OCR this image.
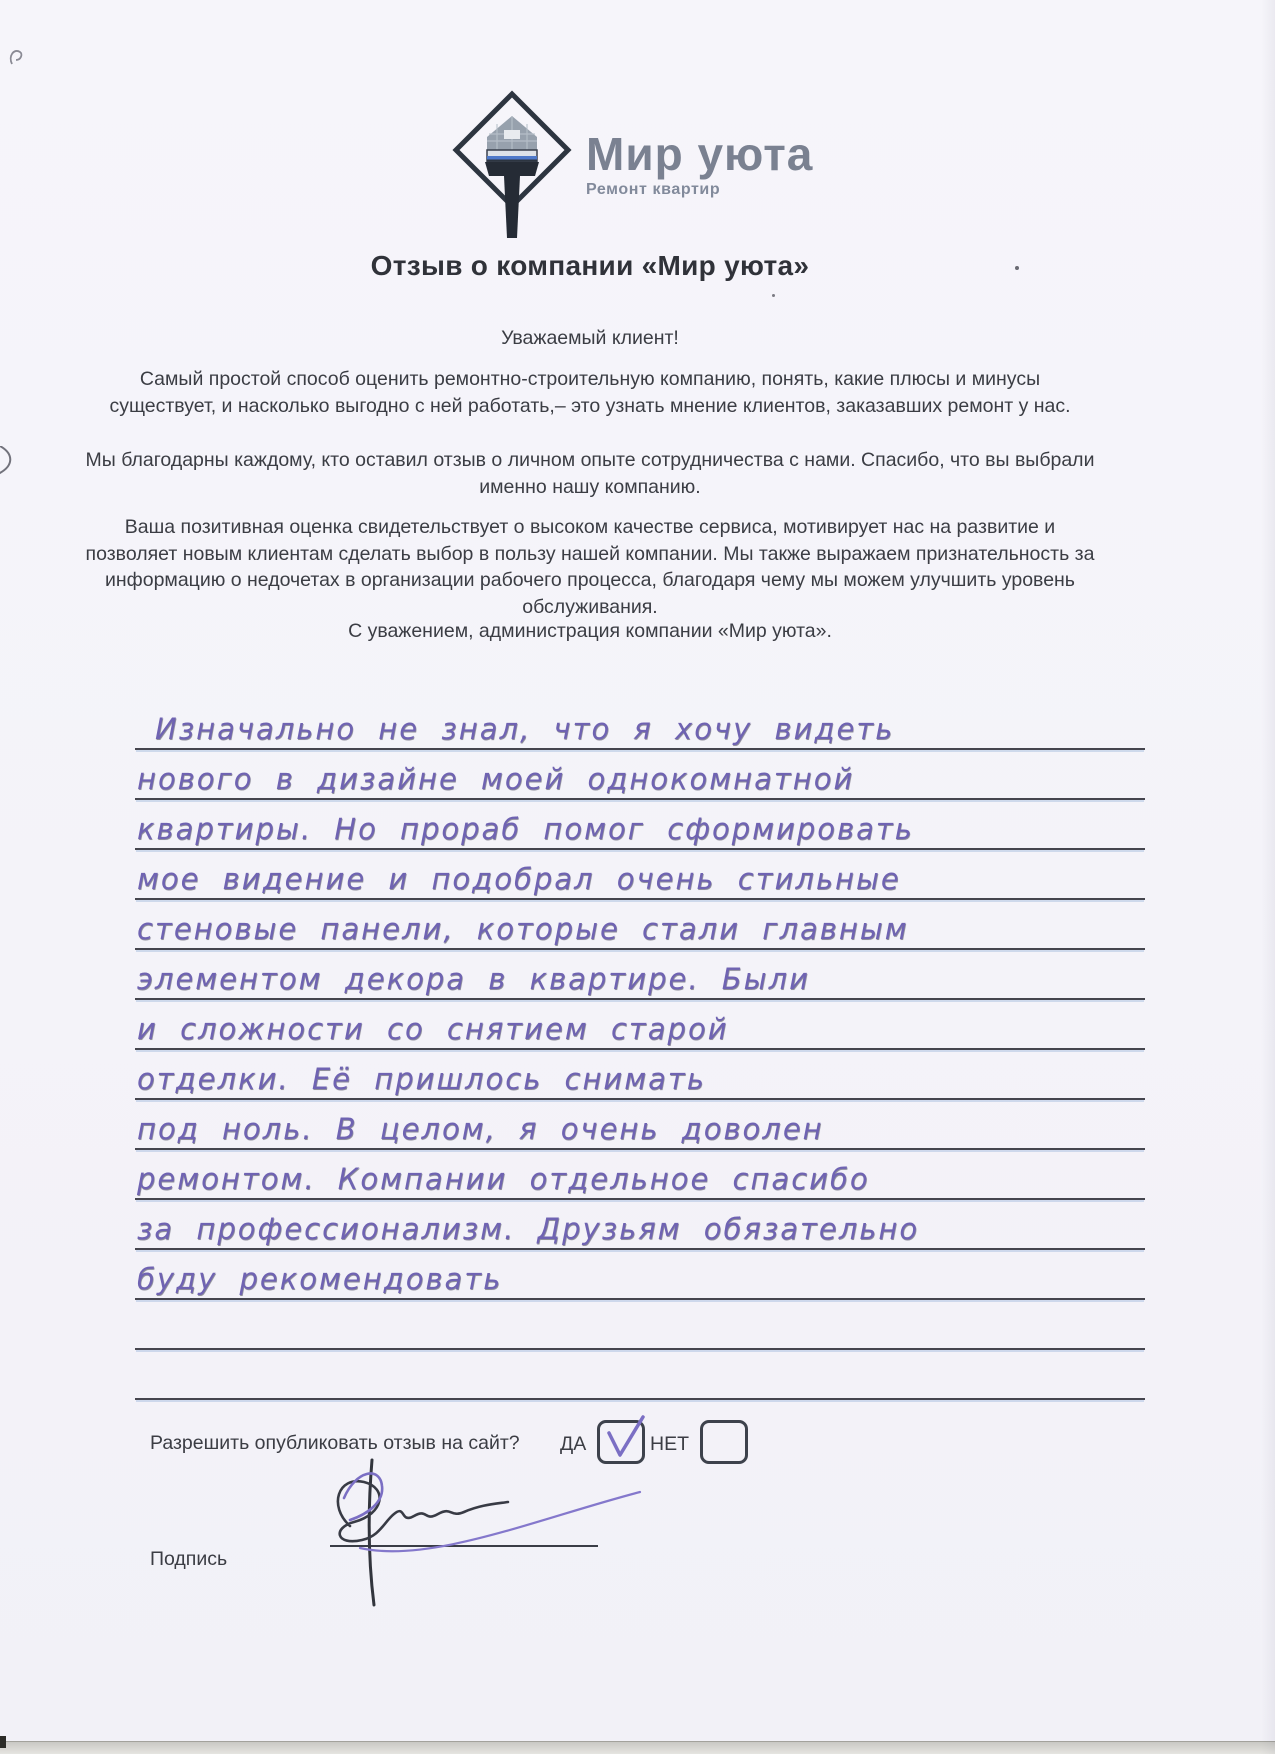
Мир уюта
Ремонт квартир
Отзыв о компании «Мир уюта»
Уважаемый клиент!
Самый простой способ оценить ремонтно-строительную компанию, понять, какие плюсы и минусы существует, и насколько выгодно с ней работать,– это узнать мнение клиентов, заказавших ремонт у нас.
Мы благодарны каждому, кто оставил отзыв о личном опыте сотрудничества с нами. Спасибо, что вы выбрали именно нашу компанию.
Ваша позитивная оценка свидетельствует о высоком качестве сервиса, мотивирует нас на развитие и позволяет новым клиентам сделать выбор в пользу нашей компании. Мы также выражаем признательность за информацию о недочетах в организации рабочего процесса, благодаря чему мы можем улучшить уровень обслуживания.
С уважением, администрация компании «Мир уюта».
Изначально не знал, что я хочу видеть
нового в дизайне моей однокомнатной
квартиры. Но прораб помог сформировать
мое видение и подобрал очень стильные
стеновые панели, которые стали главным
элементом декора в квартире. Были
и сложности со снятием старой
отделки. Её пришлось снимать
под ноль. В целом, я очень доволен
ремонтом. Компании отдельное спасибо
за профессионализм. Друзьям обязательно
буду рекомендовать
Разрешить опубликовать отзыв на сайт? ДА	НЕТ
Подпись
